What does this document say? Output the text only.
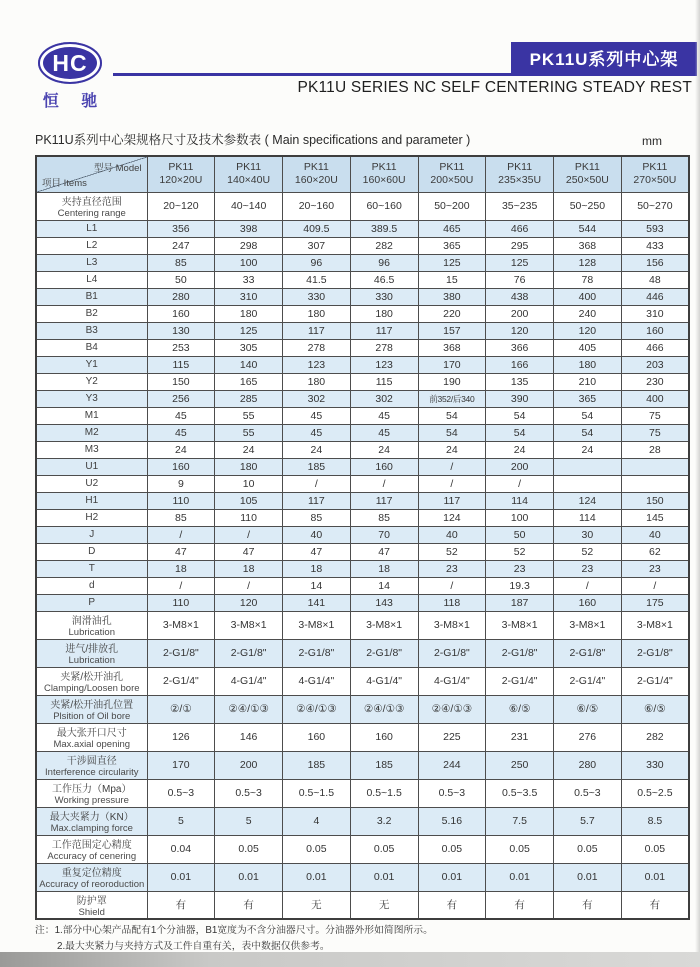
HC
恒 驰
PK11U系列中心架
PK11U SERIES NC SELF CENTERING STEADY REST
PK11U系列中心架规格尺寸及技术参数表 ( Main specifications and parameter )	mm
型号 Model
项目 Items

PK11
120×20U

PK11
140×40U

PK11
160×20U

PK11
160×60U

PK11
200×50U

PK11
235×35U

PK11
250×50U

PK11
270×50U

夹持直径范围
Centering range	20~120	40~140	20~160	60~160	50~200	35~235	50~250	50~270
L1	356	398	409.5	389.5	465	466	544	593
L2	247	298	307	282	365	295	368	433
L3	85	100	96	96	125	125	128	156
L4	50	33	41.5	46.5	15	76	78	48
B1	280	310	330	330	380	438	400	446
B2	160	180	180	180	220	200	240	310
B3	130	125	117	117	157	120	120	160
B4	253	305	278	278	368	366	405	466
Y1	115	140	123	123	170	166	180	203
Y2	150	165	180	115	190	135	210	230
Y3	256	285	302	302	前352/后340	390	365	400
M1	45	55	45	45	54	54	54	75
M2	45	55	45	45	54	54	54	75
M3	24	24	24	24	24	24	24	28
U1	160	180	185	160	/	200		
U2	9	10	/	/	/	/		
H1	110	105	117	117	117	114	124	150
H2	85	110	85	85	124	100	114	145
J	/	/	40	70	40	50	30	40
D	47	47	47	47	52	52	52	62
T	18	18	18	18	23	23	23	23
d	/	/	14	14	/	19.3	/	/
P	110	120	141	143	118	187	160	175

润滑油孔
Lubrication	3-M8×1	3-M8×1	3-M8×1	3-M8×1	3-M8×1	3-M8×1	3-M8×1	3-M8×1

进气/排放孔
Lubrication	2-G1/8"	2-G1/8"	2-G1/8"	2-G1/8"	2-G1/8"	2-G1/8"	2-G1/8"	2-G1/8"

夹紧/松开油孔
Clamping/Loosen bore	2-G1/4"	4-G1/4"	4-G1/4"	4-G1/4"	4-G1/4"	2-G1/4"	2-G1/4"	2-G1/4"

夹紧/松开油孔位置
Plsition of Oil bore	②/①	②④/①③	②④/①③	②④/①③	②④/①③	⑥/⑤	⑥/⑤	⑥/⑤

最大张开口尺寸
Max.axial opening	126	146	160	160	225	231	276	282

干涉圆直径
Interference circularity	170	200	185	185	244	250	280	330

工作压力（Mpa）
Working pressure	0.5~3	0.5~3	0.5~1.5	0.5~1.5	0.5~3	0.5~3.5	0.5~3	0.5~2.5

最大夹紧力（KN）
Max.clamping force	5	5	4	3.2	5.16	7.5	5.7	8.5

工作范围定心精度
Accuracy of cenering	0.04	0.05	0.05	0.05	0.05	0.05	0.05	0.05

重复定位精度
Accuracy of reoroduction	0.01	0.01	0.01	0.01	0.01	0.01	0.01	0.01

防护罩
Shield	有	有	无	无	有	有	有	有
注：1.部分中心架产品配有1个分油器，B1宽度为不含分油器尺寸。分油器外形如简图所示。
2.最大夹紧力与夹持方式及工件自重有关，表中数据仅供参考。
